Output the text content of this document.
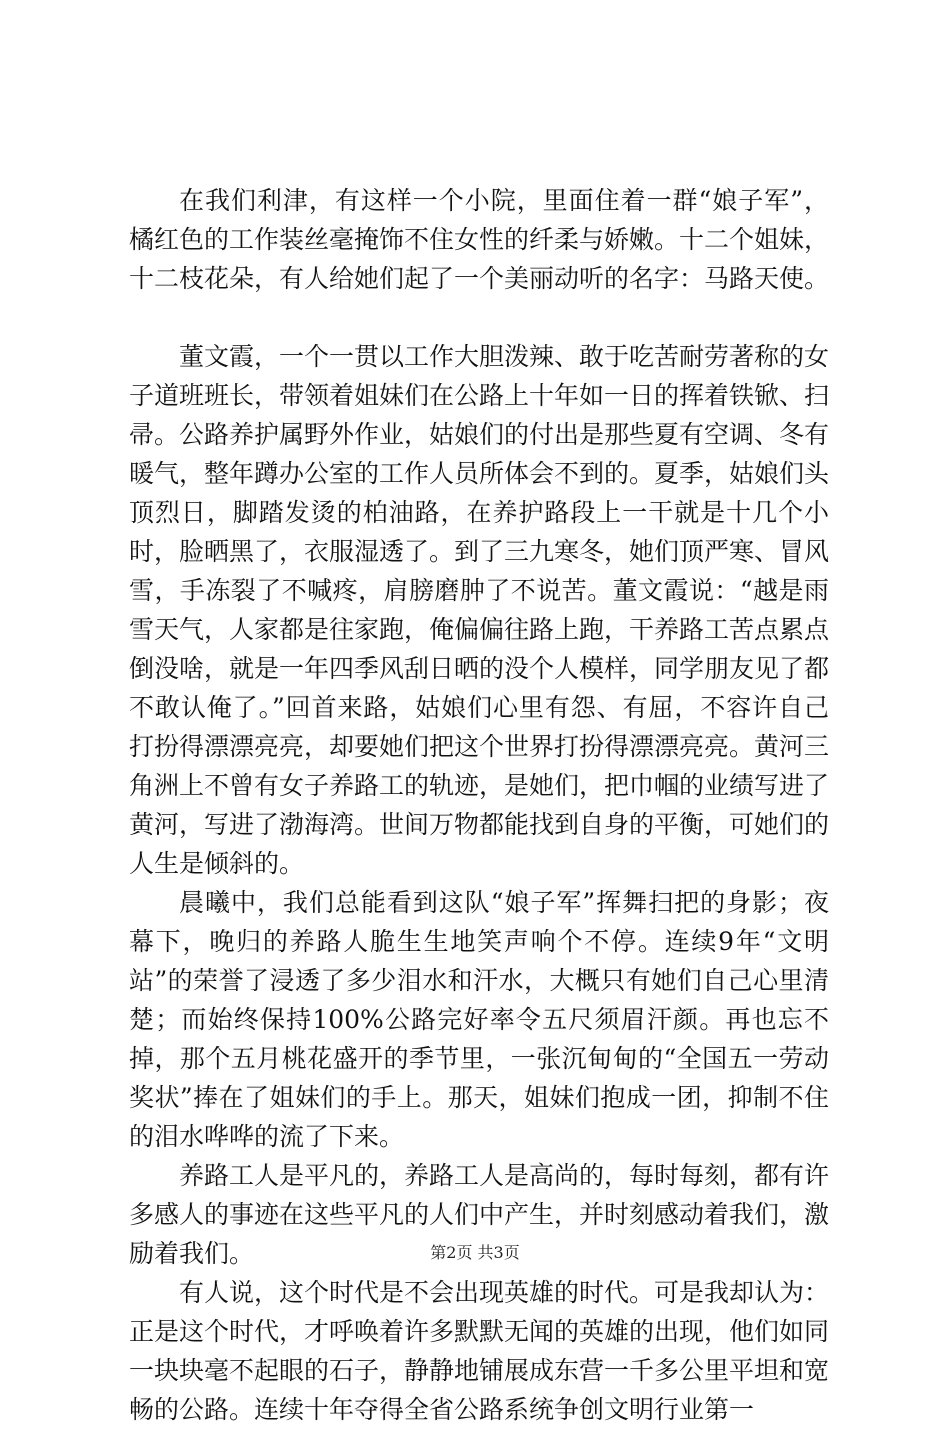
在我们利津，有这样一个小院，里面住着一群“娘子军”，橘红色的工作装丝毫掩饰不住女性的纤柔与娇嫩。十二个姐妹，十二枝花朵，有人给她们起了一个美丽动听的名字：马路天使。

董文霞，一个一贯以工作大胆泼辣、敢于吃苦耐劳著称的女子道班班长，带领着姐妹们在公路上十年如一日的挥着铁锨、扫帚。公路养护属野外作业，姑娘们的付出是那些夏有空调、冬有暖气，整年蹲办公室的工作人员所体会不到的。夏季，姑娘们头顶烈日，脚踏发烫的柏油路，在养护路段上一干就是十几个小时，脸晒黑了，衣服湿透了。到了三九寒冬，她们顶严寒、冒风雪，手冻裂了不喊疼，肩膀磨肿了不说苦。董文霞说：“越是雨雪天气，人家都是往家跑，俺偏偏往路上跑，干养路工苦点累点倒没啥，就是一年四季风刮日晒的没个人模样，同学朋友见了都不敢认俺了。”回首来路，姑娘们心里有怨、有屈，不容许自己打扮得漂漂亮亮，却要她们把这个世界打扮得漂漂亮亮。黄河三角洲上不曾有女子养路工的轨迹，是她们，把巾帼的业绩写进了黄河，写进了渤海湾。世间万物都能找到自身的平衡，可她们的人生是倾斜的。

晨曦中，我们总能看到这队“娘子军”挥舞扫把的身影；夜幕下，晚归的养路人脆生生地笑声响个不停。连续9年“文明站”的荣誉了浸透了多少泪水和汗水，大概只有她们自己心里清楚；而始终保持100%公路完好率令五尺须眉汗颜。再也忘不掉，那个五月桃花盛开的季节里，一张沉甸甸的“全国五一劳动奖状”捧在了姐妹们的手上。那天，姐妹们抱成一团，抑制不住的泪水哗哗的流了下来。

养路工人是平凡的，养路工人是高尚的，每时每刻，都有许多感人的事迹在这些平凡的人们中产生，并时刻感动着我们，激励着我们。

有人说，这个时代是不会出现英雄的时代。可是我却认为：正是这个时代，才呼唤着许多默默无闻的英雄的出现，他们如同一块块毫不起眼的石子，静静地铺展成东营一千多公里平坦和宽畅的公路。连续十年夺得全省公路系统争创文明行业第一

第2页 共3页
